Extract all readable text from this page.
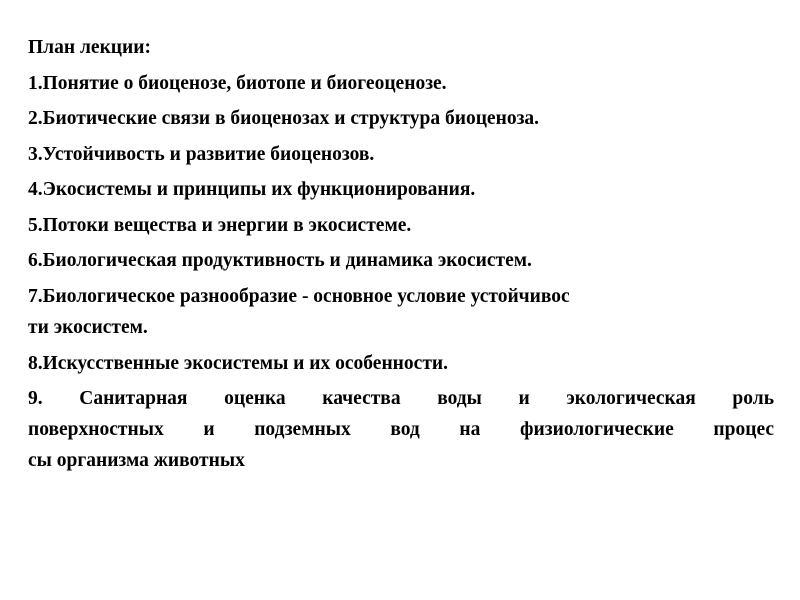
План лекции:
1.Понятие о биоценозе, биотопе и биогеоценозе.
2.Биотические связи в биоценозах и структура биоценоза.
3.Устойчивость и развитие биоценозов.
4.Экосистемы и принципы их функционирования.
5.Потоки вещества и энергии в экосистеме.
6.Биологическая продуктивность и динамика экосистем.
7.Биологическое разнообразие - основное условие устойчивос
ти экосистем.
8.Искусственные экосистемы и их особенности.
9. Санитарная оценка качества воды и экологическая роль
поверхностных и подземных вод на физиологические процес
сы организма животных
